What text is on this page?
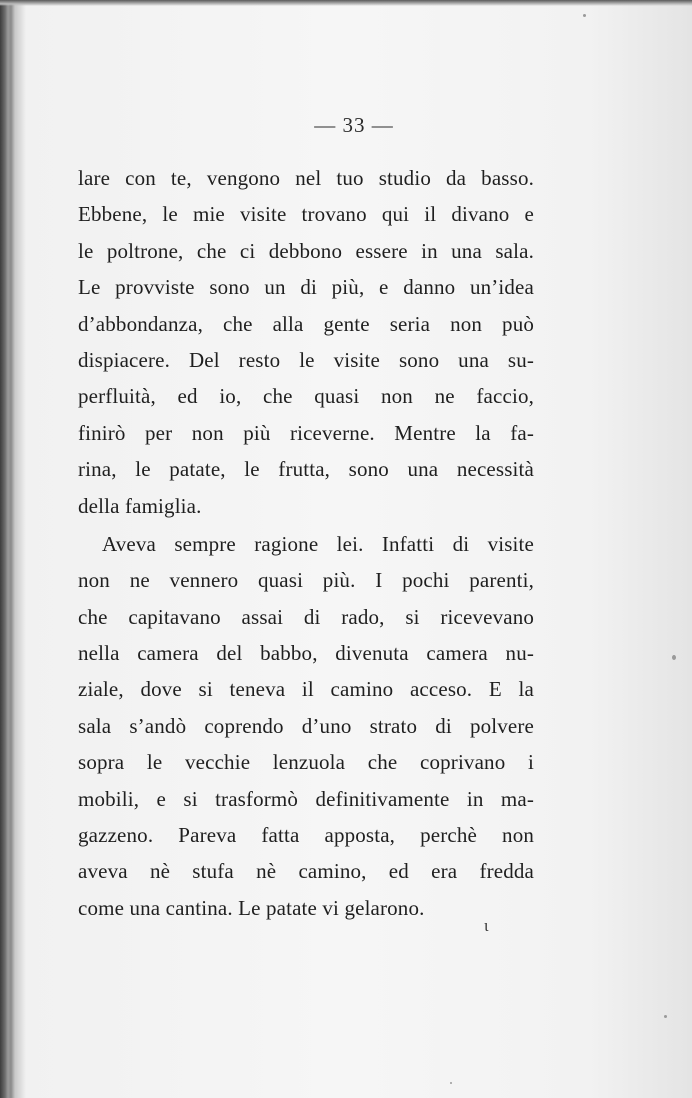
— 33 —
lare con te, vengono nel tuo studio da basso.
Ebbene, le mie visite trovano qui il divano e
le poltrone, che ci debbono essere in una sala.
Le provviste sono un di più, e danno un’idea
d’abbondanza, che alla gente seria non può
dispiacere. Del resto le visite sono una su-
perfluità, ed io, che quasi non ne faccio,
finirò per non più riceverne. Mentre la fa-
rina, le patate, le frutta, sono una necessità
della famiglia.
Aveva sempre ragione lei. Infatti di visite
non ne vennero quasi più. I pochi parenti,
che capitavano assai di rado, si ricevevano
nella camera del babbo, divenuta camera nu-
ziale, dove si teneva il camino acceso. E la
sala s’andò coprendo d’uno strato di polvere
sopra le vecchie lenzuola che coprivano i
mobili, e si trasformò definitivamente in ma-
gazzeno. Pareva fatta apposta, perchè non
aveva nè stufa nè camino, ed era fredda
come una cantina. Le patate vi gelarono.
ɩ
